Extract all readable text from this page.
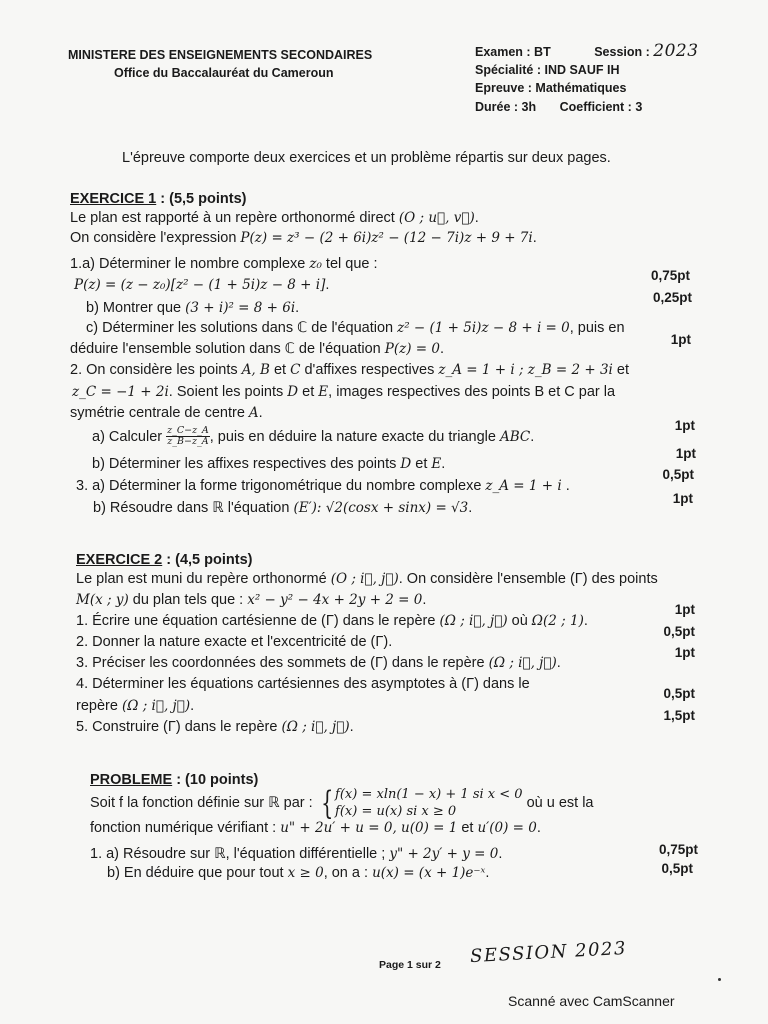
MINISTERE DES ENSEIGNEMENTS SECONDAIRES
Office du Baccalauréat du Cameroun
Examen : BT	Session : 2023
Spécialité : IND SAUF IH
Epreuve : Mathématiques
Durée : 3h Coefficient : 3
L'épreuve comporte deux exercices et un problème répartis sur deux pages.
EXERCICE 1 : (5,5 points)
Le plan est rapporté à un repère orthonormé direct (O ; u⃗, v⃗).
On considère l'expression P(z) = z³ − (2 + 6i)z² − (12 − 7i)z + 9 + 7i.
1.a) Déterminer le nombre complexe z₀ tel que :
P(z) = (z − z₀)[z² − (1 + 5i)z − 8 + i].
b) Montrer que (3 + i)² = 8 + 6i.
c) Déterminer les solutions dans ℂ de l'équation z² − (1 + 5i)z − 8 + i = 0, puis en
déduire l'ensemble solution dans ℂ de l'équation P(z) = 0.
2. On considère les points A, B et C d'affixes respectives z_A = 1 + i ; z_B = 2 + 3i et
z_C = −1 + 2i. Soient les points D et E, images respectives des points B et C par la
symétrie centrale de centre A.
a) Calculer $\frac{z\_C-z\_A}{z\_B-z\_A}$ , puis en déduire la nature exacte du triangle ABC.
b) Déterminer les affixes respectives des points D et E.
3. a) Déterminer la forme trigonométrique du nombre complexe z_A = 1 + i .
b) Résoudre dans ℝ l'équation (E′): √2(cosx + sinx) = √3.
0,75pt
0,25pt
1pt
1pt
1pt
0,5pt
1pt
EXERCICE 2 : (4,5 points)
Le plan est muni du repère orthonormé (O ; i⃗, j⃗). On considère l'ensemble (Γ) des points
M(x ; y) du plan tels que : x² − y² − 4x + 2y + 2 = 0.
1. Écrire une équation cartésienne de (Γ) dans le repère (Ω ; i⃗, j⃗) où Ω(2 ; 1).
2. Donner la nature exacte et l'excentricité de (Γ).
3. Préciser les coordonnées des sommets de (Γ) dans le repère (Ω ; i⃗, j⃗).
4. Déterminer les équations cartésiennes des asymptotes à (Γ) dans le
repère (Ω ; i⃗, j⃗).
5. Construire (Γ) dans le repère (Ω ; i⃗, j⃗).
1pt
0,5pt
1pt
0,5pt
1,5pt
PROBLEME : (10 points)
Soit f la fonction définie sur ℝ par : { f(x) = xln(1 − x) + 1 si x < 0
f(x) = u(x) si x ≥ 0
où u est la
fonction numérique vérifiant : u" + 2u′ + u = 0, u(0) = 1 et u′(0) = 0.
1. a) Résoudre sur ℝ, l'équation différentielle ; y" + 2y′ + y = 0.
b) En déduire que pour tout x ≥ 0, on a : u(x) = (x + 1)e⁻ˣ.
0,75pt
0,5pt
Page 1 sur 2 SESSION 2023
Scanné avec CamScanner
